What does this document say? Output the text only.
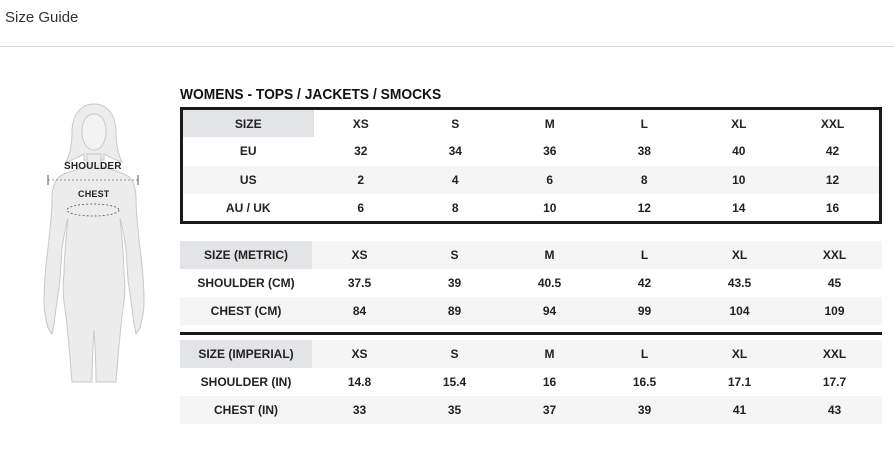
Size Guide
SHOULDER
CHEST
WOMENS - TOPS / JACKETS / SMOCKS
SIZE	XS	S	M	L	XL	XXL
EU	32	34	36	38	40	42
US	2	4	6	8	10	12
AU / UK	6	8	10	12	14	16
SIZE (METRIC)	XS	S	M	L	XL	XXL
SHOULDER (CM)	37.5	39	40.5	42	43.5	45
CHEST (CM)	84	89	94	99	104	109
SIZE (IMPERIAL)	XS	S	M	L	XL	XXL
SHOULDER (IN)	14.8	15.4	16	16.5	17.1	17.7
CHEST (IN)	33	35	37	39	41	43
